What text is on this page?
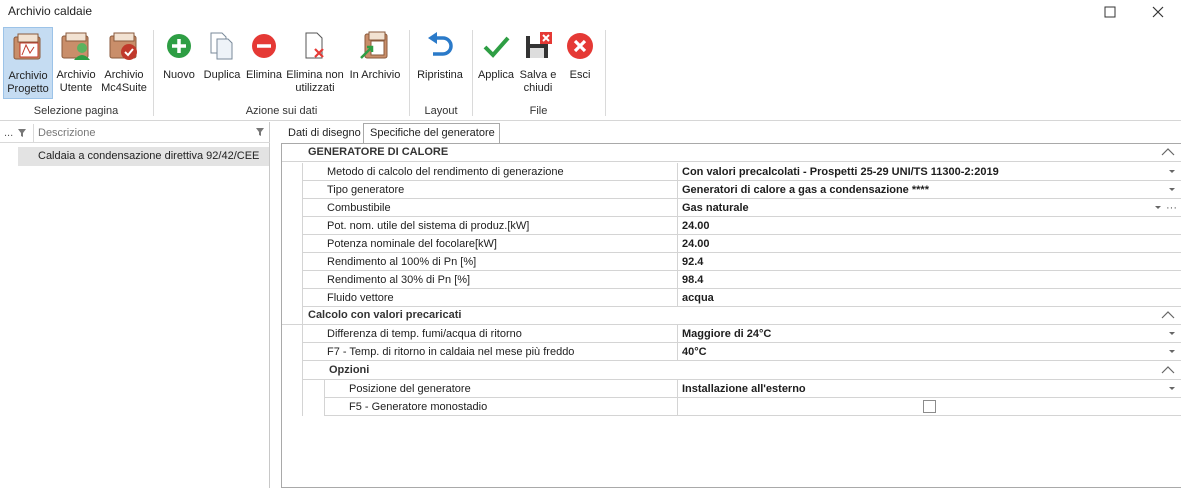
Archivio caldaie
Archivio
Progetto
Archivio
Utente
Archivio
Mc4Suite
Selezione pagina
Nuovo Duplica Elimina Elimina non
utilizzati
In Archivio
Azione sui dati
Ripristina
Layout
Applica Salva e
chiudi
Esci
File
... Descrizione
Caldaia a condensazione direttiva 92/42/CEE
Dati di disegno Specifiche del generatore
GENERATORE DI CALORE
Metodo di calcolo del rendimento di generazione	Con valori precalcolati - Prospetti 25-29 UNI/TS 11300-2:2019
Tipo generatore	Generatori di calore a gas a condensazione ****
Combustibile	Gas naturale	···
Pot. nom. utile del sistema di produz.[kW]	24.00
Potenza nominale del focolare[kW]	24.00
Rendimento al 100% di Pn [%]	92.4
Rendimento al 30% di Pn [%]	98.4
Fluido vettore	acqua
Calcolo con valori precaricati
Differenza di temp. fumi/acqua di ritorno	Maggiore di 24°C
F7 - Temp. di ritorno in caldaia nel mese più freddo	40°C
Opzioni
Posizione del generatore	Installazione all'esterno
F5 - Generatore monostadio
